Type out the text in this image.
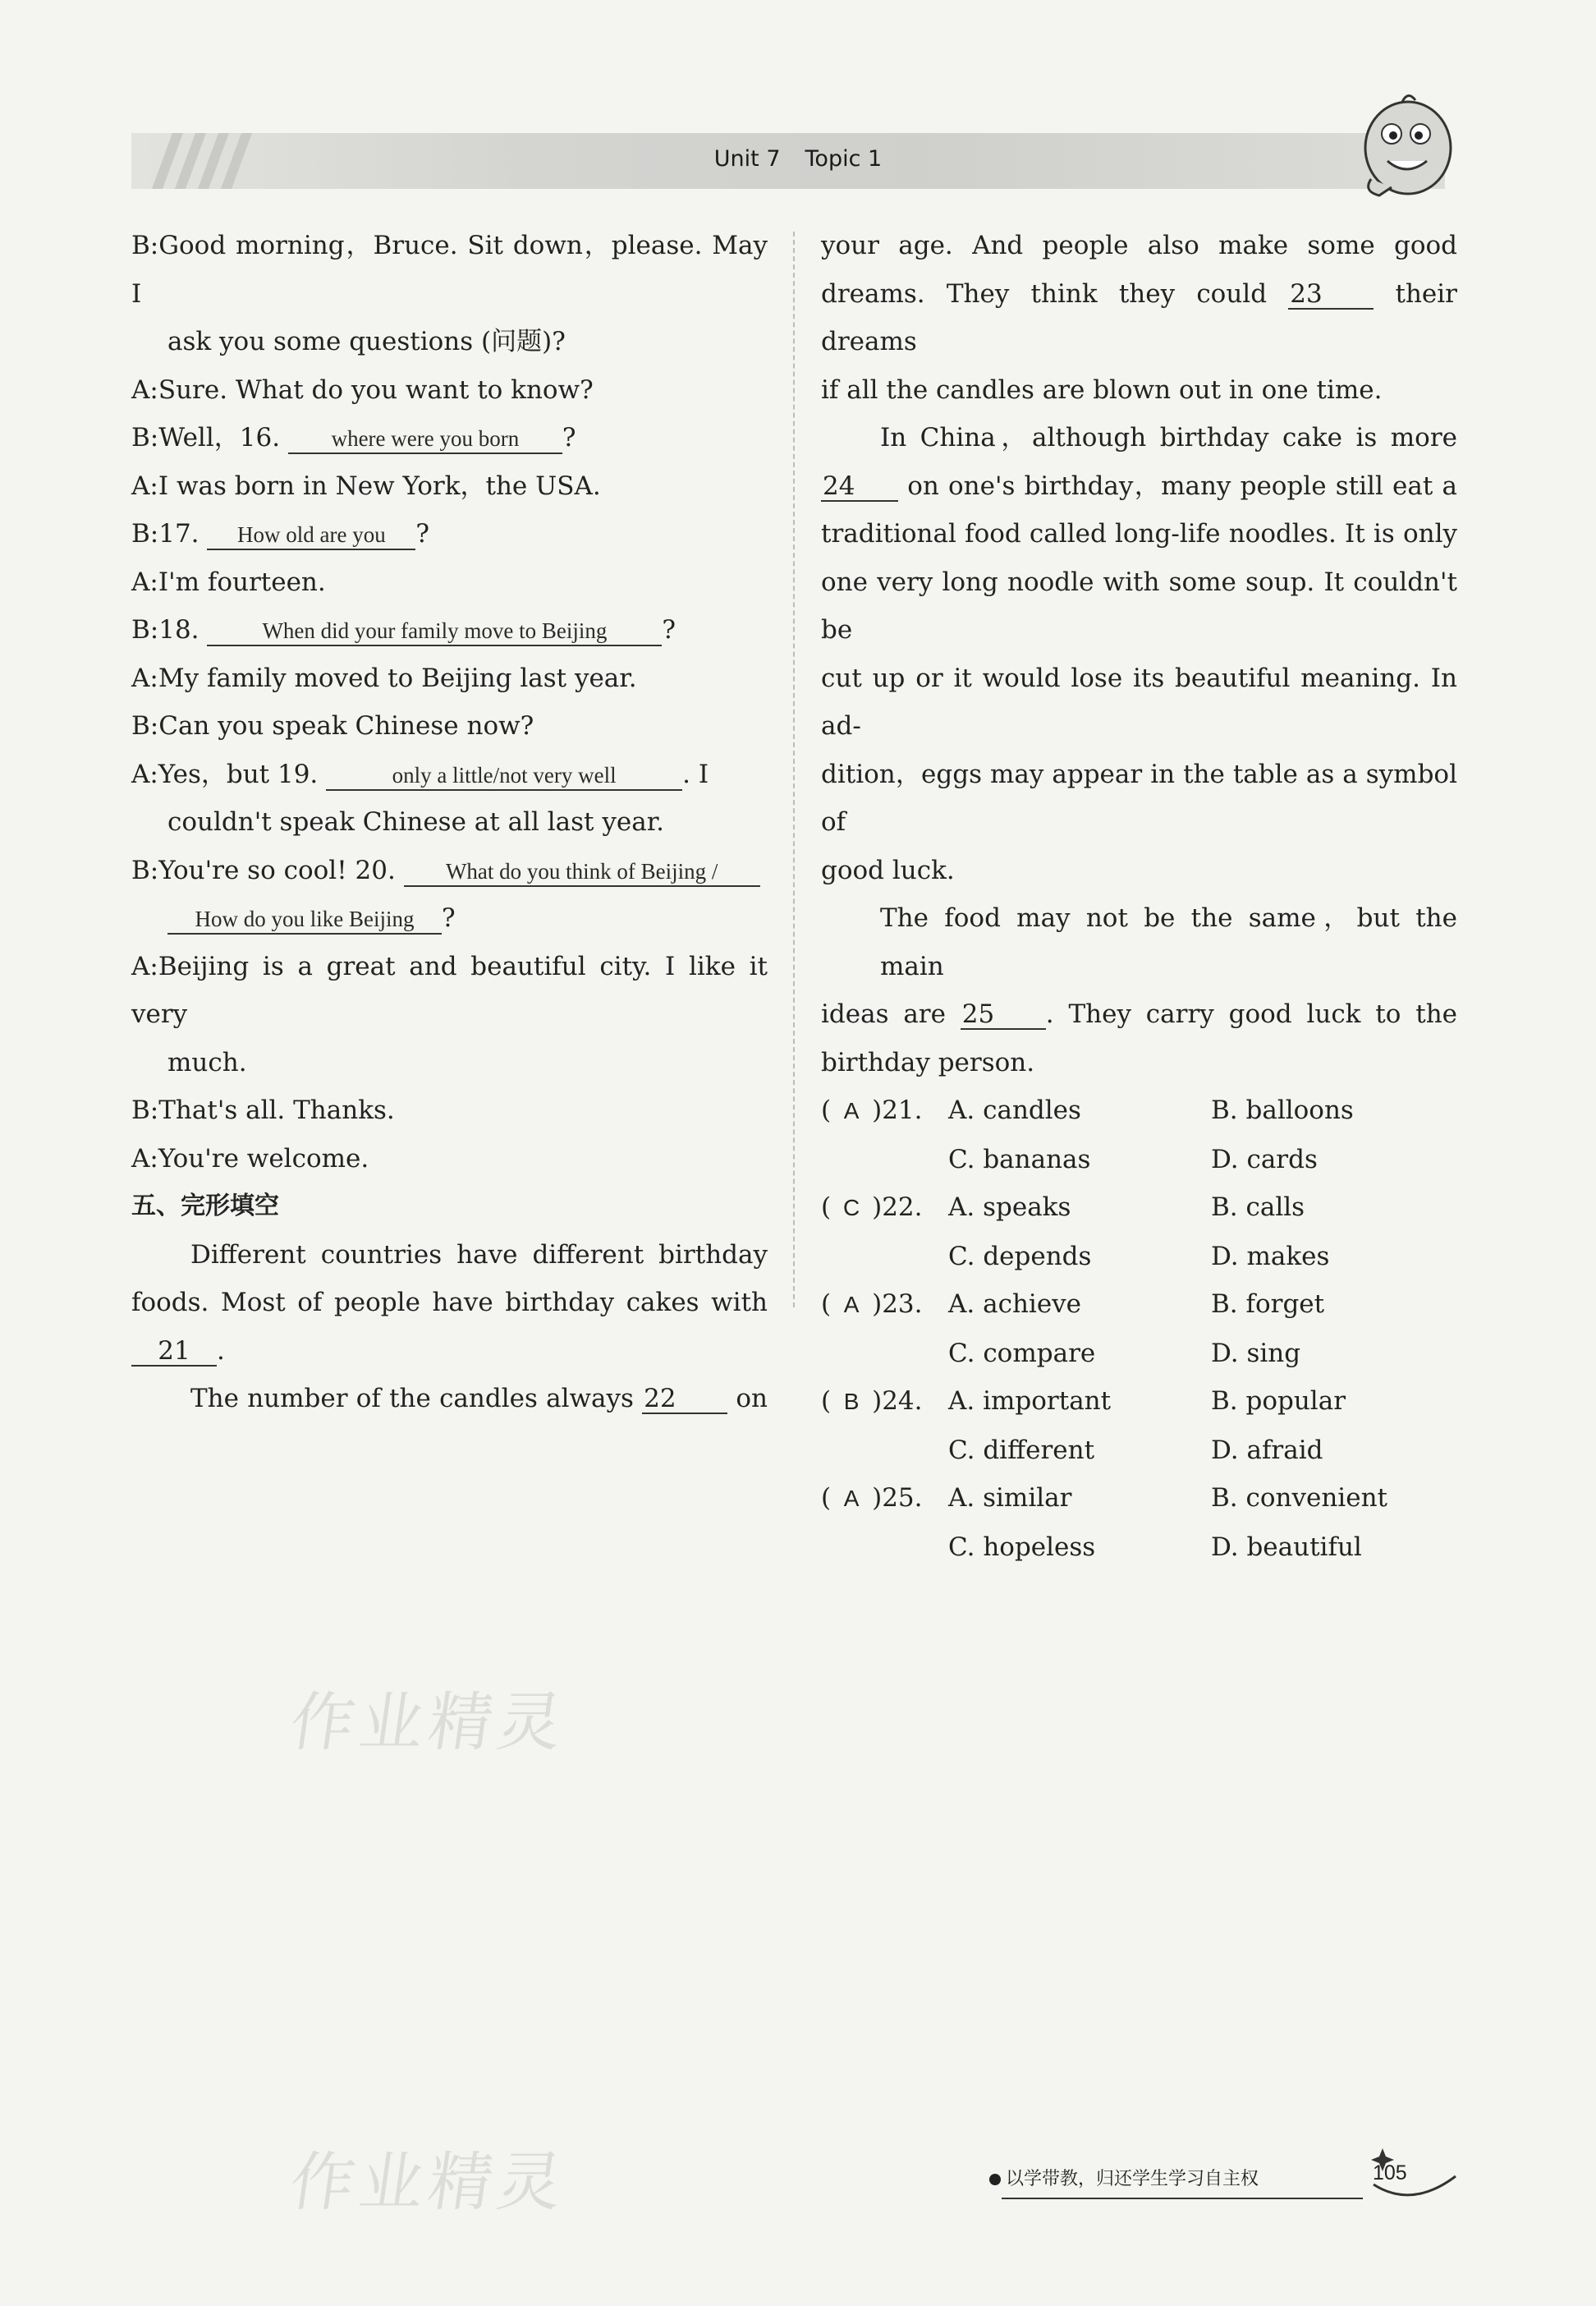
Unit 7 Topic 1
B:Good morning，Bruce. Sit down，please. May I
ask you some questions (问题)?
A:Sure. What do you want to know?
B:Well，16. where were you born ?
A:I was born in New York，the USA.
B:17. How old are you ?
A:I'm fourteen.
B:18.	When did your family move to Beijing ?
A:My family moved to Beijing last year.
B:Can you speak Chinese now?
A:Yes，but 19.	only a little/not very well	. I
couldn't speak Chinese at all last year.
B:You're so cool! 20. What do you think of Beijing /
How do you like Beijing ?
A:Beijing is a great and beautiful city. I like it very
much.
B:That's all. Thanks.
A:You're welcome.
五、完形填空
Different countries have different birthday
foods. Most of people have birthday cakes with
21 .
The number of the candles always 22 on
your age. And people also make some good
dreams. They think they could 23	their dreams
if all the candles are blown out in one time.
In China，although birthday cake is more
24 on one's birthday，many people still eat a
traditional food called long-life noodles. It is only
one very long noodle with some soup. It couldn't be
cut up or it would lose its beautiful meaning. In ad-
dition，eggs may appear in the table as a symbol of
good luck.
The food may not be the same，but the main
ideas are 25 . They carry good luck to the
birthday person.
( A )21.	A. candles	B. balloons
C. bananas	D. cards
( C )22.	A. speaks	B. calls
C. depends	D. makes
( A )23.	A. achieve	B. forget
C. compare	D. sing
( B )24.	A. important	B. popular
C. different	D. afraid
( A )25.	A. similar	B. convenient
C. hopeless	D. beautiful
作业精灵
作业精灵	以学带教，归还学生学习自主权	105
